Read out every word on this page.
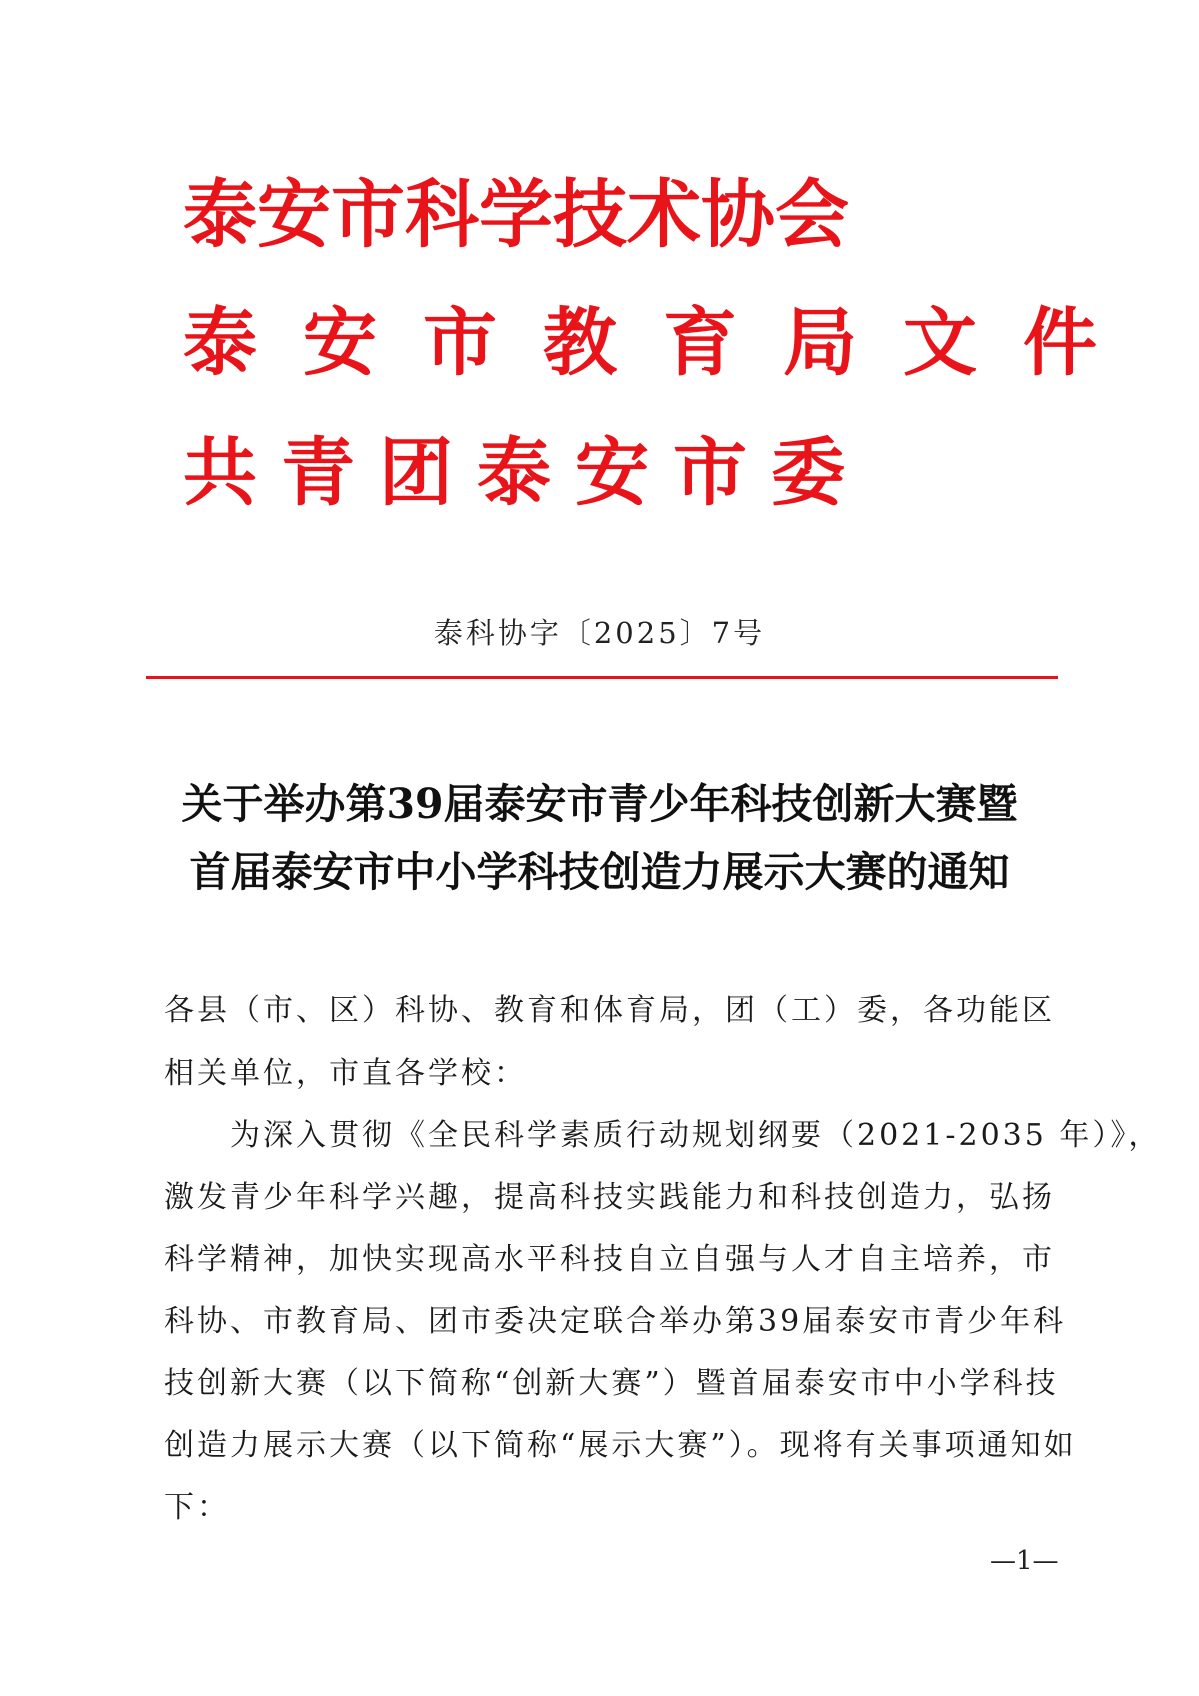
泰安市科学技术协会
泰安市教育局文件
共青团泰安市委
泰科协字〔2025〕7号
关于举办第39届泰安市青少年科技创新大赛暨
首届泰安市中小学科技创造力展示大赛的通知
各县（市、区）科协、教育和体育局，团（工）委，各功能区
相关单位，市直各学校：
　　为深入贯彻《全民科学素质行动规划纲要（2021-2035 年）》，
激发青少年科学兴趣，提高科技实践能力和科技创造力，弘扬
科学精神，加快实现高水平科技自立自强与人才自主培养，市
科协、市教育局、团市委决定联合举办第39届泰安市青少年科
技创新大赛（以下简称“创新大赛”）暨首届泰安市中小学科技
创造力展示大赛（以下简称“展示大赛”）。现将有关事项通知如
下：
—1—
